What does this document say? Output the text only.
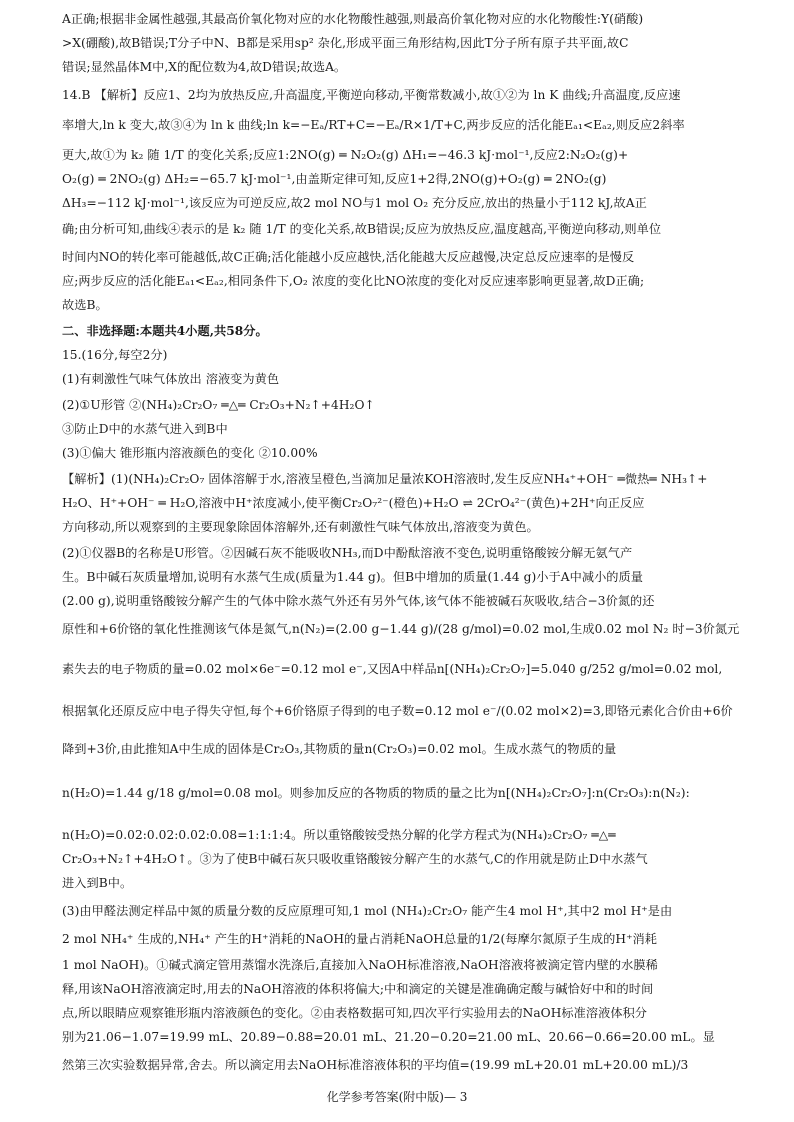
A正确;根据非金属性越强,其最高价氧化物对应的水化物酸性越强,则最高价氧化物对应的水化物酸性:Y(硝酸)
>X(硼酸),故B错误;T分子中N、B都是采用sp² 杂化,形成平面三角形结构,因此T分子所有原子共平面,故C
错误;显然晶体M中,X的配位数为4,故D错误;故选A。
14.B 【解析】反应1、2均为放热反应,升高温度,平衡逆向移动,平衡常数减小,故①②为 ln K 曲线;升高温度,反应速
率增大,ln k 变大,故③④为 ln k 曲线;ln k=−Eₐ/RT+C=−Eₐ/R×1/T+C,两步反应的活化能Eₐ₁<Eₐ₂,则反应2斜率
更大,故①为 k₂ 随 1/T 的变化关系;反应1:2NO(g) ═ N₂O₂(g) ΔH₁=−46.3 kJ·mol⁻¹,反应2:N₂O₂(g)+
O₂(g) ═ 2NO₂(g) ΔH₂=−65.7 kJ·mol⁻¹,由盖斯定律可知,反应1+2得,2NO(g)+O₂(g) ═ 2NO₂(g)
ΔH₃=−112 kJ·mol⁻¹,该反应为可逆反应,故2 mol NO与1 mol O₂ 充分反应,放出的热量小于112 kJ,故A正
确;由分析可知,曲线④表示的是 k₂ 随 1/T 的变化关系,故B错误;反应为放热反应,温度越高,平衡逆向移动,则单位
时间内NO的转化率可能越低,故C正确;活化能越小反应越快,活化能越大反应越慢,决定总反应速率的是慢反
应;两步反应的活化能Eₐ₁<Eₐ₂,相同条件下,O₂ 浓度的变化比NO浓度的变化对反应速率影响更显著,故D正确;
故选B。
二、非选择题:本题共4小题,共58分。
15.(16分,每空2分)
(1)有刺激性气味气体放出 溶液变为黄色
(2)①U形管 ②(NH₄)₂Cr₂O₇ ═△═ Cr₂O₃+N₂↑+4H₂O↑
③防止D中的水蒸气进入到B中
(3)①偏大 锥形瓶内溶液颜色的变化 ②10.00%
【解析】(1)(NH₄)₂Cr₂O₇ 固体溶解于水,溶液呈橙色,当滴加足量浓KOH溶液时,发生反应NH₄⁺+OH⁻ ═微热═ NH₃↑+
H₂O、H⁺+OH⁻ ═ H₂O,溶液中H⁺浓度减小,使平衡Cr₂O₇²⁻(橙色)+H₂O ⇌ 2CrO₄²⁻(黄色)+2H⁺向正反应
方向移动,所以观察到的主要现象除固体溶解外,还有刺激性气味气体放出,溶液变为黄色。
(2)①仪器B的名称是U形管。②因碱石灰不能吸收NH₃,而D中酚酞溶液不变色,说明重铬酸铵分解无氨气产
生。B中碱石灰质量增加,说明有水蒸气生成(质量为1.44 g)。但B中增加的质量(1.44 g)小于A中减小的质量
(2.00 g),说明重铬酸铵分解产生的气体中除水蒸气外还有另外气体,该气体不能被碱石灰吸收,结合−3价氮的还
原性和+6价铬的氧化性推测该气体是氮气,n(N₂)=(2.00 g−1.44 g)/(28 g/mol)=0.02 mol,生成0.02 mol N₂ 时−3价氮元
素失去的电子物质的量=0.02 mol×6e⁻=0.12 mol e⁻,又因A中样品n[(NH₄)₂Cr₂O₇]=5.040 g/252 g/mol=0.02 mol,
根据氧化还原反应中电子得失守恒,每个+6价铬原子得到的电子数=0.12 mol e⁻/(0.02 mol×2)=3,即铬元素化合价由+6价
降到+3价,由此推知A中生成的固体是Cr₂O₃,其物质的量n(Cr₂O₃)=0.02 mol。生成水蒸气的物质的量
n(H₂O)=1.44 g/18 g/mol=0.08 mol。则参加反应的各物质的物质的量之比为n[(NH₄)₂Cr₂O₇]:n(Cr₂O₃):n(N₂):
n(H₂O)=0.02:0.02:0.02:0.08=1:1:1:4。所以重铬酸铵受热分解的化学方程式为(NH₄)₂Cr₂O₇ ═△═
Cr₂O₃+N₂↑+4H₂O↑。③为了使B中碱石灰只吸收重铬酸铵分解产生的水蒸气,C的作用就是防止D中水蒸气
进入到B中。
(3)由甲醛法测定样品中氮的质量分数的反应原理可知,1 mol (NH₄)₂Cr₂O₇ 能产生4 mol H⁺,其中2 mol H⁺是由
2 mol NH₄⁺ 生成的,NH₄⁺ 产生的H⁺消耗的NaOH的量占消耗NaOH总量的1/2(每摩尔氮原子生成的H⁺消耗
1 mol NaOH)。①碱式滴定管用蒸馏水洗涤后,直接加入NaOH标准溶液,NaOH溶液将被滴定管内壁的水膜稀
释,用该NaOH溶液滴定时,用去的NaOH溶液的体积将偏大;中和滴定的关键是准确确定酸与碱恰好中和的时间
点,所以眼睛应观察锥形瓶内溶液颜色的变化。②由表格数据可知,四次平行实验用去的NaOH标准溶液体积分
别为21.06−1.07=19.99 mL、20.89−0.88=20.01 mL、21.20−0.20=21.00 mL、20.66−0.66=20.00 mL。显
然第三次实验数据异常,舍去。所以滴定用去NaOH标准溶液体积的平均值=(19.99 mL+20.01 mL+20.00 mL)/3
化学参考答案(附中版)— 3
